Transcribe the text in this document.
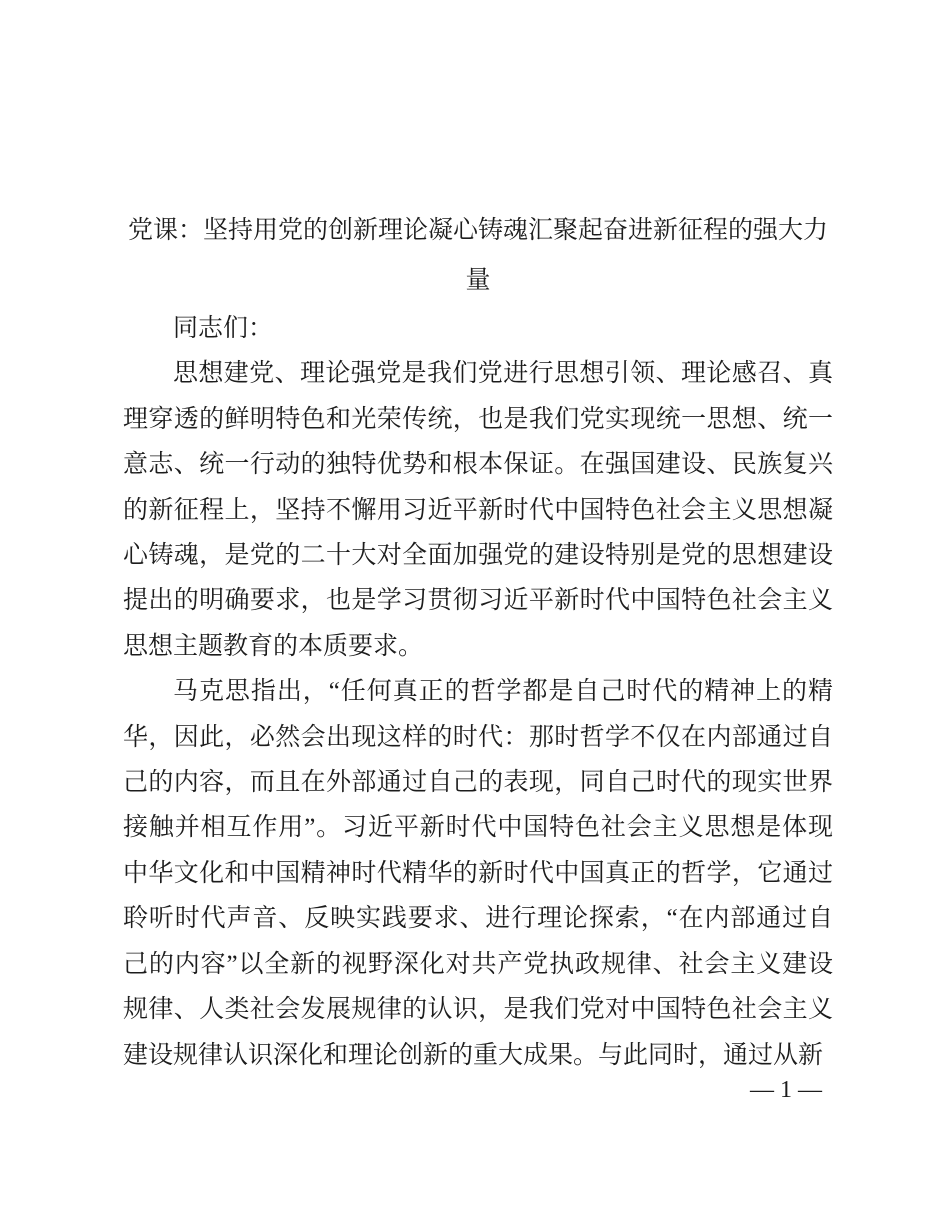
党课：坚持用党的创新理论凝心铸魂汇聚起奋进新征程的强大力量

同志们：

思想建党、理论强党是我们党进行思想引领、理论感召、真理穿透的鲜明特色和光荣传统，也是我们党实现统一思想、统一意志、统一行动的独特优势和根本保证。在强国建设、民族复兴的新征程上，坚持不懈用习近平新时代中国特色社会主义思想凝心铸魂，是党的二十大对全面加强党的建设特别是党的思想建设提出的明确要求，也是学习贯彻习近平新时代中国特色社会主义思想主题教育的本质要求。

马克思指出，“任何真正的哲学都是自己时代的精神上的精华，因此，必然会出现这样的时代：那时哲学不仅在内部通过自己的内容，而且在外部通过自己的表现，同自己时代的现实世界接触并相互作用”。习近平新时代中国特色社会主义思想是体现中华文化和中国精神时代精华的新时代中国真正的哲学，它通过聆听时代声音、反映实践要求、进行理论探索，“在内部通过自己的内容”以全新的视野深化对共产党执政规律、社会主义建设规律、人类社会发展规律的认识，是我们党对中国特色社会主义建设规律认识深化和理论创新的重大成果。与此同时，通过从新

— 1 —
